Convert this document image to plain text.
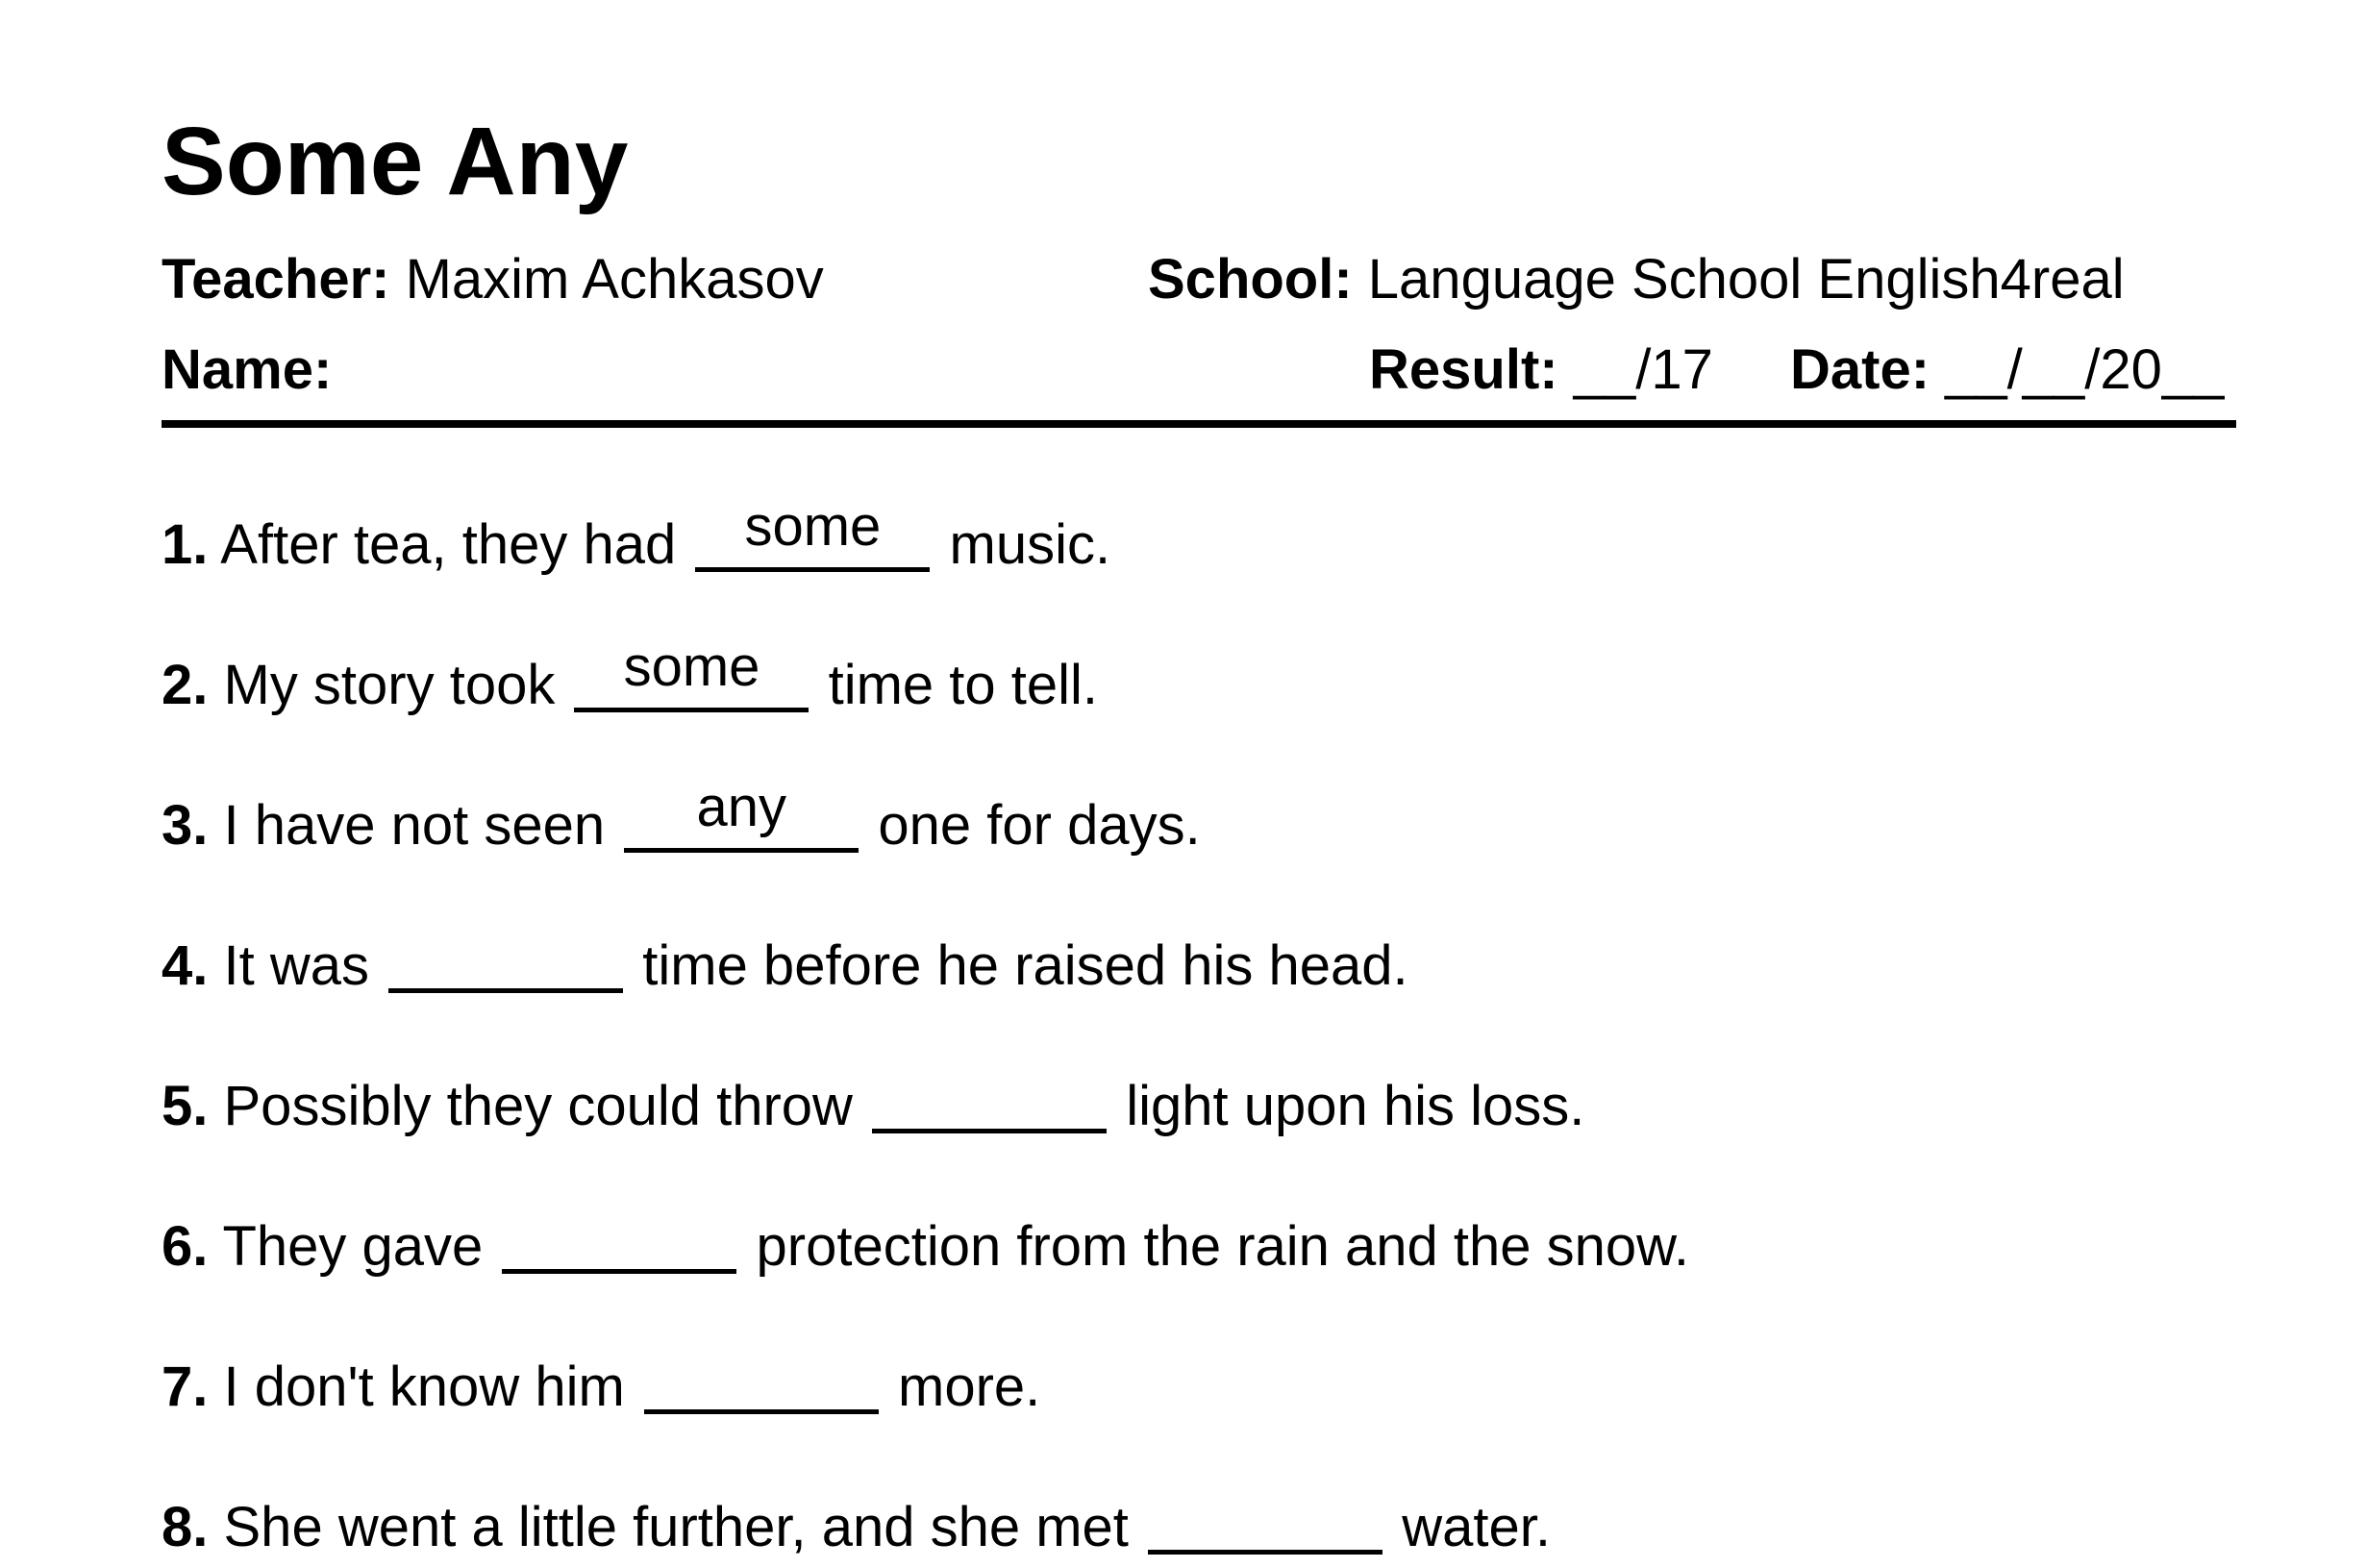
Some Any
Teacher: Maxim Achkasov	School: Language School English4real
Name:	Result: __/17 Date: __/__/20__
1. After tea, they had	some	music.
2. My story took	some	time to tell.
3. I have not seen	any	one for days.
4. It was	time before he raised his head.
5. Possibly they could throw	light upon his loss.
6. They gave	protection from the rain and the snow.
7. I don't know him	more.
8. She went a little further, and she met	water.
